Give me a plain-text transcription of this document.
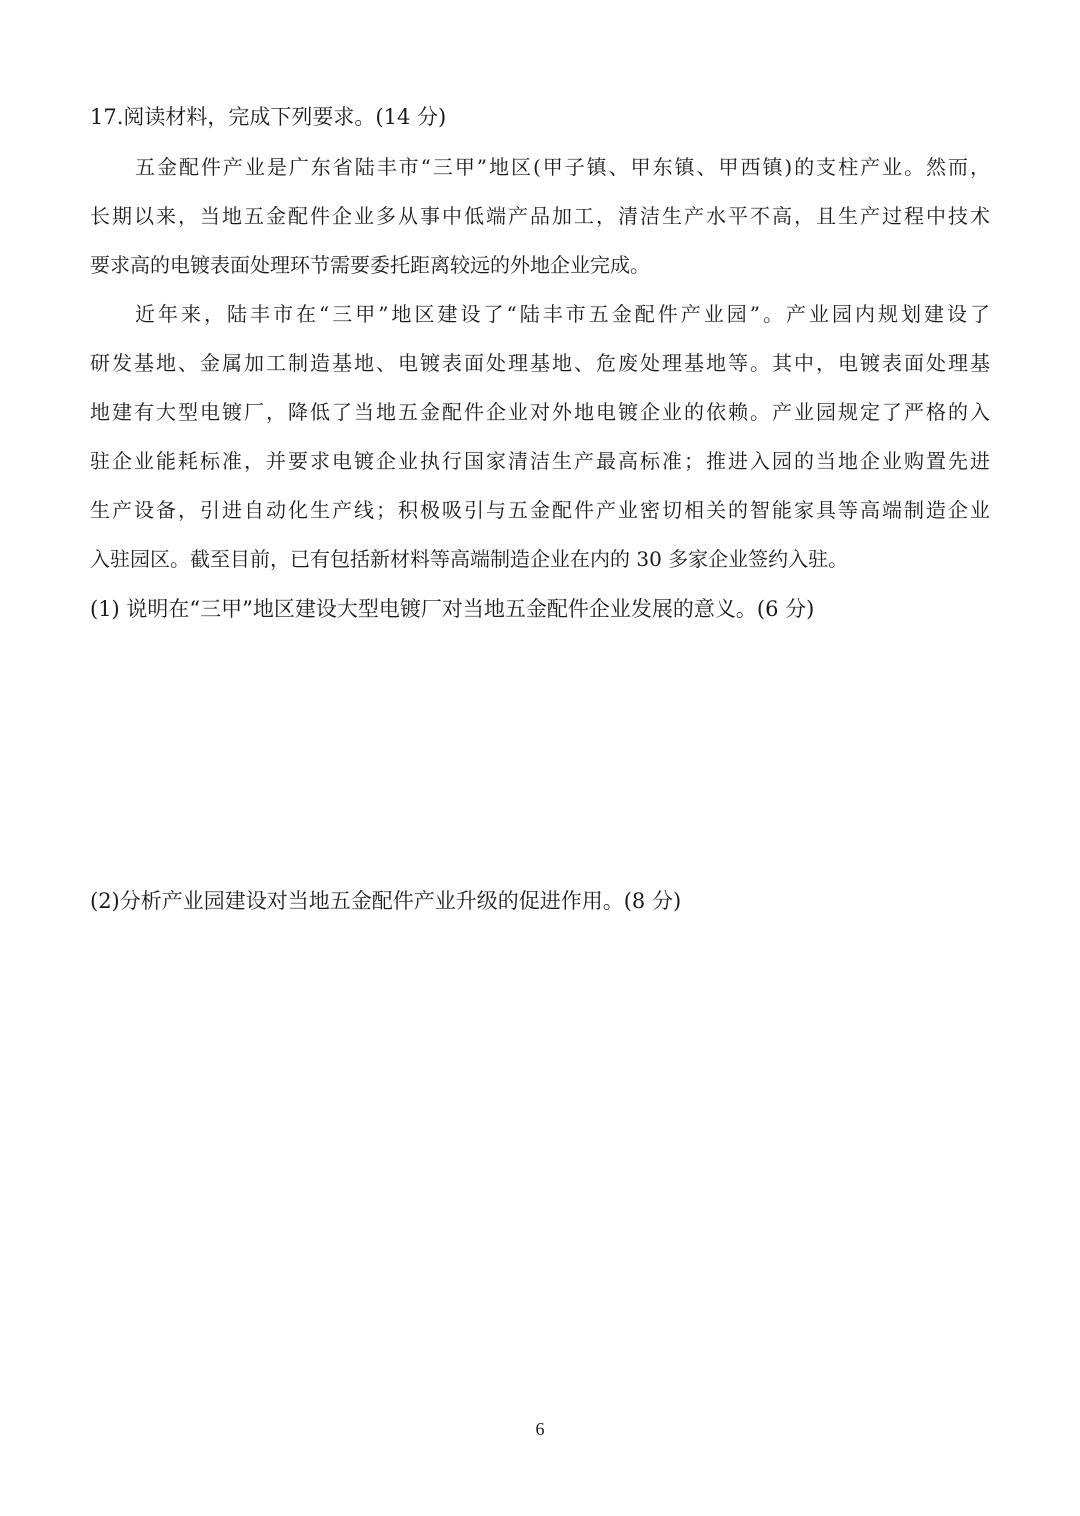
17.阅读材料，完成下列要求。(14 分)
五金配件产业是广东省陆丰市“三甲”地区(甲子镇、甲东镇、甲西镇)的支柱产业。然而，
长期以来，当地五金配件企业多从事中低端产品加工，清洁生产水平不高，且生产过程中技术
要求高的电镀表面处理环节需要委托距离较远的外地企业完成。
近年来，陆丰市在“三甲”地区建设了“陆丰市五金配件产业园”。产业园内规划建设了
研发基地、金属加工制造基地、电镀表面处理基地、危废处理基地等。其中，电镀表面处理基
地建有大型电镀厂，降低了当地五金配件企业对外地电镀企业的依赖。产业园规定了严格的入
驻企业能耗标准，并要求电镀企业执行国家清洁生产最高标准；推进入园的当地企业购置先进
生产设备，引进自动化生产线；积极吸引与五金配件产业密切相关的智能家具等高端制造企业
入驻园区。截至目前，已有包括新材料等高端制造企业在内的 30 多家企业签约入驻。
(1) 说明在“三甲”地区建设大型电镀厂对当地五金配件企业发展的意义。(6 分)
(2)分析产业园建设对当地五金配件产业升级的促进作用。(8 分)
6
